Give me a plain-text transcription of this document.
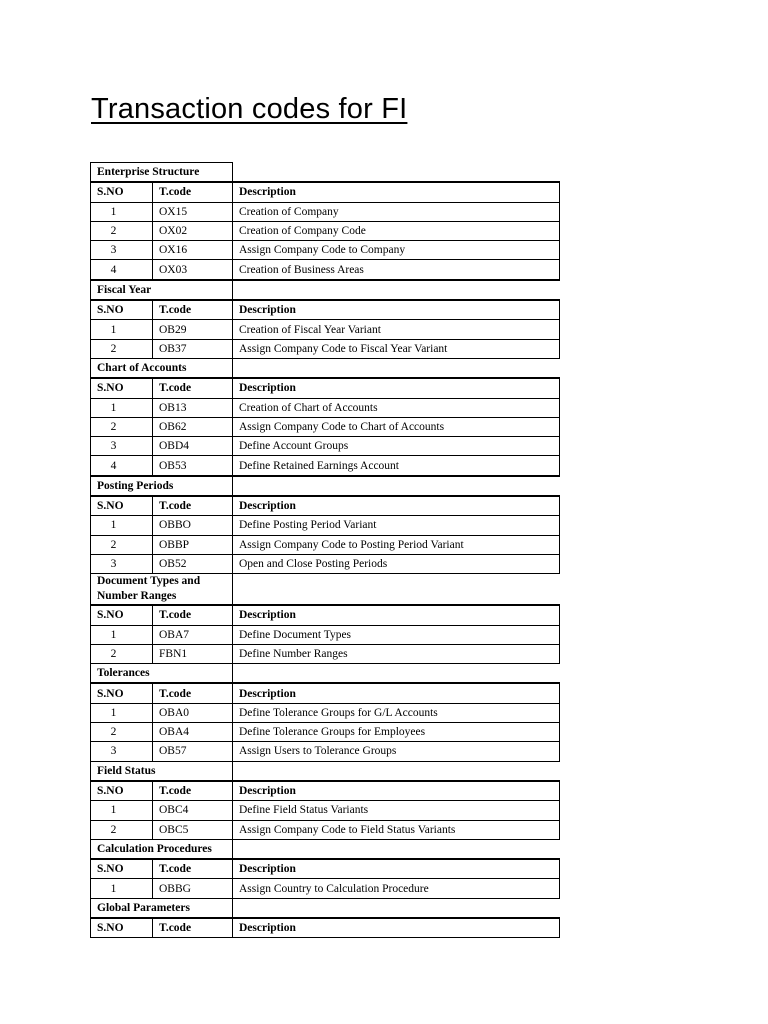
Transaction codes for FI
Enterprise Structure		
S.NO	T.code	Description
1	OX15	Creation of Company
2	OX02	Creation of Company Code
3	OX16	Assign Company Code to Company
4	OX03	Creation of Business Areas
Fiscal Year		
S.NO	T.code	Description
1	OB29	Creation of Fiscal Year Variant
2	OB37	Assign Company Code to Fiscal Year Variant
Chart of Accounts		
S.NO	T.code	Description
1	OB13	Creation of Chart of Accounts
2	OB62	Assign Company Code to Chart of Accounts
3	OBD4	Define Account Groups
4	OB53	Define Retained Earnings Account
Posting Periods		
S.NO	T.code	Description
1	OBBO	Define Posting Period Variant
2	OBBP	Assign Company Code to Posting Period Variant
3	OB52	Open and Close Posting Periods
Document Types and Number Ranges		
S.NO	T.code	Description
1	OBA7	Define Document Types
2	FBN1	Define Number Ranges
Tolerances		
S.NO	T.code	Description
1	OBA0	Define Tolerance Groups for G/L Accounts
2	OBA4	Define Tolerance Groups for Employees
3	OB57	Assign Users to Tolerance Groups
Field Status		
S.NO	T.code	Description
1	OBC4	Define Field Status Variants
2	OBC5	Assign Company Code to Field Status Variants
Calculation Procedures		
S.NO	T.code	Description
1	OBBG	Assign Country to Calculation Procedure
Global Parameters		
S.NO	T.code	Description
